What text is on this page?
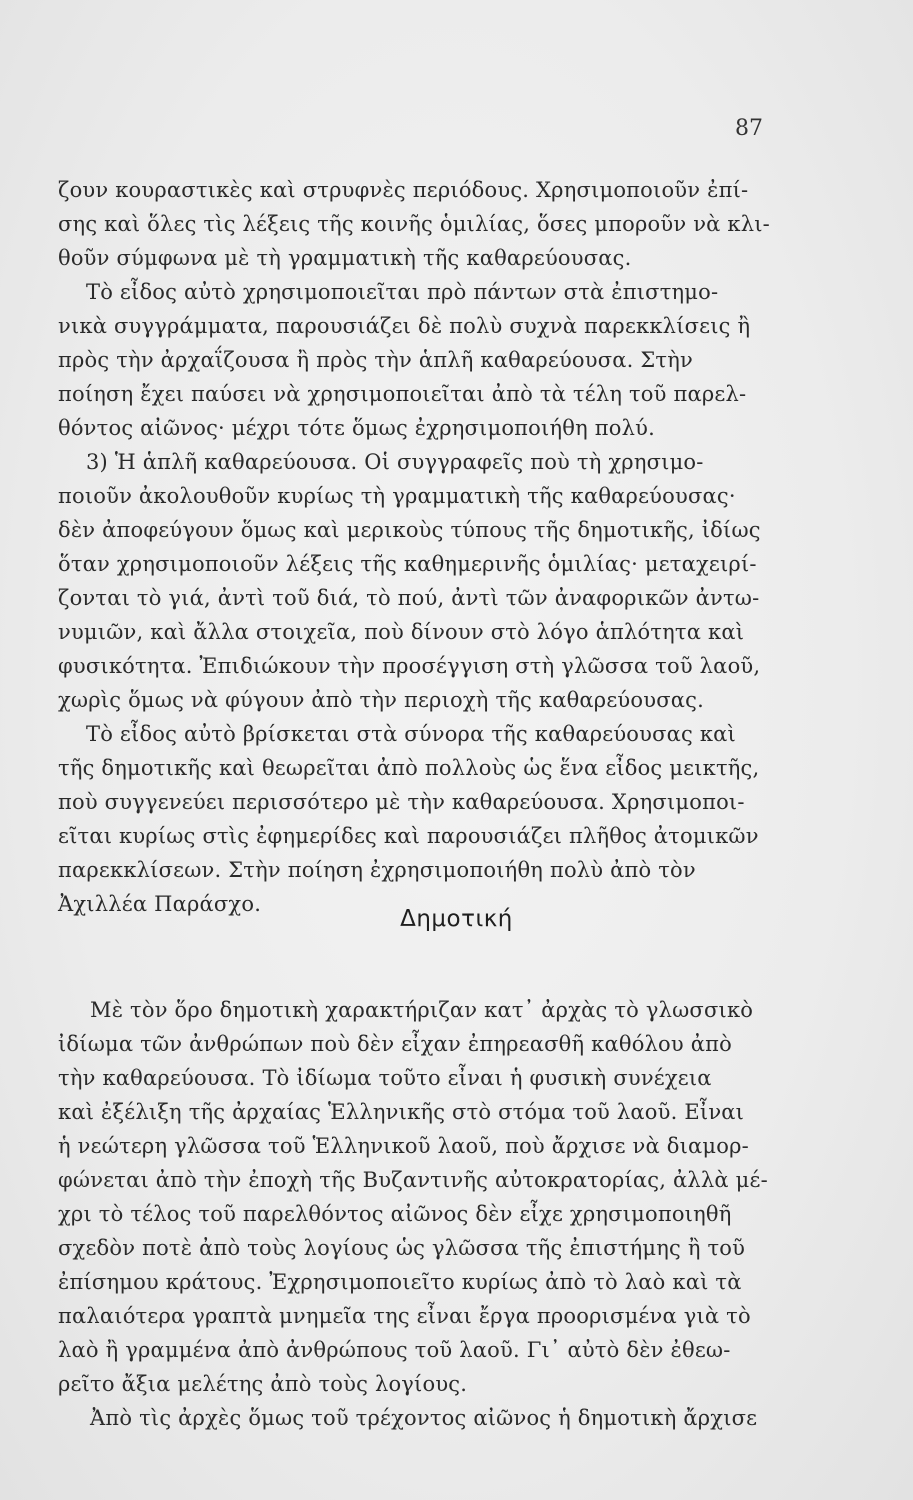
87
ζουν κουραστικὲς καὶ στρυφνὲς περιόδους. Χρησιμοποιοῦν ἐπί-
σης καὶ ὅλες τὶς λέξεις τῆς κοινῆς ὁμιλίας, ὅσες μποροῦν νὰ κλι-
θοῦν σύμφωνα μὲ τὴ γραμματικὴ τῆς καθαρεύουσας.
Τὸ εἶδος αὐτὸ χρησιμοποιεῖται πρὸ πάντων στὰ ἐπιστημο-
νικὰ συγγράμματα, παρουσιάζει δὲ πολὺ συχνὰ παρεκκλίσεις ἢ
πρὸς τὴν ἀρχαΐζουσα ἢ πρὸς τὴν ἁπλῆ καθαρεύουσα. Στὴν
ποίηση ἔχει παύσει νὰ χρησιμοποιεῖται ἀπὸ τὰ τέλη τοῦ παρελ-
θόντος αἰῶνος· μέχρι τότε ὅμως ἐχρησιμοποιήθη πολύ.
3) Ἡ ἁπλῆ καθαρεύουσα. Οἱ συγγραφεῖς ποὺ τὴ χρησιμο-
ποιοῦν ἀκολουθοῦν κυρίως τὴ γραμματικὴ τῆς καθαρεύουσας·
δὲν ἀποφεύγουν ὅμως καὶ μερικοὺς τύπους τῆς δημοτικῆς, ἰδίως
ὅταν χρησιμοποιοῦν λέξεις τῆς καθημερινῆς ὁμιλίας· μεταχειρί-
ζονται τὸ γιά, ἀντὶ τοῦ διά, τὸ πού, ἀντὶ τῶν ἀναφορικῶν ἀντω-
νυμιῶν, καὶ ἄλλα στοιχεῖα, ποὺ δίνουν στὸ λόγο ἁπλότητα καὶ
φυσικότητα. Ἐπιδιώκουν τὴν προσέγγιση στὴ γλῶσσα τοῦ λαοῦ,
χωρὶς ὅμως νὰ φύγουν ἀπὸ τὴν περιοχὴ τῆς καθαρεύουσας.
Τὸ εἶδος αὐτὸ βρίσκεται στὰ σύνορα τῆς καθαρεύουσας καὶ
τῆς δημοτικῆς καὶ θεωρεῖται ἀπὸ πολλοὺς ὡς ἕνα εἶδος μεικτῆς,
ποὺ συγγενεύει περισσότερο μὲ τὴν καθαρεύουσα. Χρησιμοποι-
εῖται κυρίως στὶς ἐφημερίδες καὶ παρουσιάζει πλῆθος ἀτομικῶν
παρεκκλίσεων. Στὴν ποίηση ἐχρησιμοποιήθη πολὺ ἀπὸ τὸν
Ἀχιλλέα Παράσχο.
Δημοτική
Μὲ τὸν ὅρο δημοτικὴ χαρακτήριζαν κατ᾽ ἀρχὰς τὸ γλωσσικὸ
ἰδίωμα τῶν ἀνθρώπων ποὺ δὲν εἶχαν ἐπηρεασθῆ καθόλου ἀπὸ
τὴν καθαρεύουσα. Τὸ ἰδίωμα τοῦτο εἶναι ἡ φυσικὴ συνέχεια
καὶ ἐξέλιξη τῆς ἀρχαίας Ἑλληνικῆς στὸ στόμα τοῦ λαοῦ. Εἶναι
ἡ νεώτερη γλῶσσα τοῦ Ἑλληνικοῦ λαοῦ, ποὺ ἄρχισε νὰ διαμορ-
φώνεται ἀπὸ τὴν ἐποχὴ τῆς Βυζαντινῆς αὐτοκρατορίας, ἀλλὰ μέ-
χρι τὸ τέλος τοῦ παρελθόντος αἰῶνος δὲν εἶχε χρησιμοποιηθῆ
σχεδὸν ποτὲ ἀπὸ τοὺς λογίους ὡς γλῶσσα τῆς ἐπιστήμης ἢ τοῦ
ἐπίσημου κράτους. Ἐχρησιμοποιεῖτο κυρίως ἀπὸ τὸ λαὸ καὶ τὰ
παλαιότερα γραπτὰ μνημεῖα της εἶναι ἔργα προορισμένα γιὰ τὸ
λαὸ ἢ γραμμένα ἀπὸ ἀνθρώπους τοῦ λαοῦ. Γι᾽ αὐτὸ δὲν ἐθεω-
ρεῖτο ἄξια μελέτης ἀπὸ τοὺς λογίους.
Ἀπὸ τὶς ἀρχὲς ὅμως τοῦ τρέχοντος αἰῶνος ἡ δημοτικὴ ἄρχισε
